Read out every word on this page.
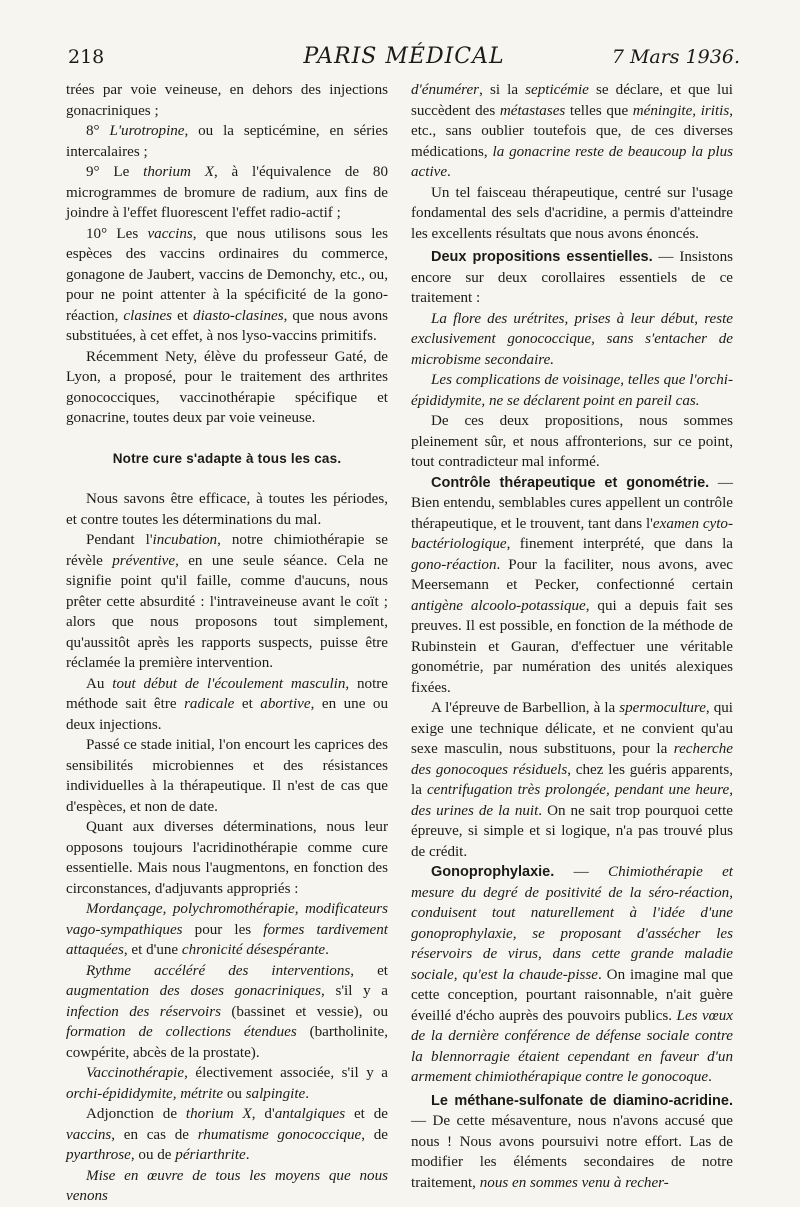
218	PARIS MÉDICAL	7 Mars 1936.

trées par voie veineuse, en dehors des injections gonacriniques ;

8° L'urotropine, ou la septicémine, en séries intercalaires ;

9° Le thorium X, à l'équivalence de 80 microgrammes de bromure de radium, aux fins de joindre à l'effet fluorescent l'effet radio-actif ;

10° Les vaccins, que nous utilisons sous les espèces des vaccins ordinaires du commerce, gonagone de Jaubert, vaccins de Demonchy, etc., ou, pour ne point attenter à la spécificité de la gono-réaction, clasines et diasto-clasines, que nous avons substituées, à cet effet, à nos lyso-vaccins primitifs.

Récemment Nety, élève du professeur Gaté, de Lyon, a proposé, pour le traitement des arthrites gonococciques, vaccinothérapie spécifique et gonacrine, toutes deux par voie veineuse.

Notre cure s'adapte à tous les cas.

Nous savons être efficace, à toutes les périodes, et contre toutes les déterminations du mal.

Pendant l'incubation, notre chimiothérapie se révèle préventive, en une seule séance. Cela ne signifie point qu'il faille, comme d'aucuns, nous prêter cette absurdité : l'intraveineuse avant le coït ; alors que nous proposons tout simplement, qu'aussitôt après les rapports suspects, puisse être réclamée la première intervention.

Au tout début de l'écoulement masculin, notre méthode sait être radicale et abortive, en une ou deux injections.

Passé ce stade initial, l'on encourt les caprices des sensibilités microbiennes et des résistances individuelles à la thérapeutique. Il n'est de cas que d'espèces, et non de date.

Quant aux diverses déterminations, nous leur opposons toujours l'acridinothérapie comme cure essentielle. Mais nous l'augmentons, en fonction des circonstances, d'adjuvants appropriés :

Mordançage, polychromothérapie, modificateurs vago-sympathiques pour les formes tardivement attaquées, et d'une chronicité désespérante.

Rythme accéléré des interventions, et augmentation des doses gonacriniques, s'il y a infection des réservoirs (bassinet et vessie), ou formation de collections étendues (bartholinite, cowpérite, abcès de la prostate).

Vaccinothérapie, électivement associée, s'il y a orchi-épididymite, métrite ou salpingite.

Adjonction de thorium X, d'antalgiques et de vaccins, en cas de rhumatisme gonococcique, de pyarthrose, ou de périarthrite.

Mise en œuvre de tous les moyens que nous venons

d'énumérer, si la septicémie se déclare, et que lui succèdent des métastases telles que méningite, iritis, etc., sans oublier toutefois que, de ces diverses médications, la gonacrine reste de beaucoup la plus active.

Un tel faisceau thérapeutique, centré sur l'usage fondamental des sels d'acridine, a permis d'atteindre les excellents résultats que nous avons énoncés.

Deux propositions essentielles. — Insistons encore sur deux corollaires essentiels de ce traitement :

La flore des urétrites, prises à leur début, reste exclusivement gonococcique, sans s'entacher de microbisme secondaire.

Les complications de voisinage, telles que l'orchi-épididymite, ne se déclarent point en pareil cas.

De ces deux propositions, nous sommes pleinement sûr, et nous affronterions, sur ce point, tout contradicteur mal informé.

Contrôle thérapeutique et gonométrie. — Bien entendu, semblables cures appellent un contrôle thérapeutique, et le trouvent, tant dans l'examen cyto-bactériologique, finement interprété, que dans la gono-réaction. Pour la faciliter, nous avons, avec Meersemann et Pecker, confectionné certain antigène alcoolo-potassique, qui a depuis fait ses preuves. Il est possible, en fonction de la méthode de Rubinstein et Gauran, d'effectuer une véritable gonométrie, par numération des unités alexiques fixées.

A l'épreuve de Barbellion, à la spermoculture, qui exige une technique délicate, et ne convient qu'au sexe masculin, nous substituons, pour la recherche des gonocoques résiduels, chez les guéris apparents, la centrifugation très prolongée, pendant une heure, des urines de la nuit. On ne sait trop pourquoi cette épreuve, si simple et si logique, n'a pas trouvé plus de crédit.

Gonoprophylaxie. — Chimiothérapie et mesure du degré de positivité de la séro-réaction, conduisent tout naturellement à l'idée d'une gonoprophylaxie, se proposant d'assécher les réservoirs de virus, dans cette grande maladie sociale, qu'est la chaude-pisse. On imagine mal que cette conception, pourtant raisonnable, n'ait guère éveillé d'écho auprès des pouvoirs publics. Les vœux de la dernière conférence de défense sociale contre la blennorragie étaient cependant en faveur d'un armement chimiothérapique contre le gonocoque.

Le méthane-sulfonate de diamino-acridine. — De cette mésaventure, nous n'avons accusé que nous ! Nous avons poursuivi notre effort. Las de modifier les éléments secondaires de notre traitement, nous en sommes venu à recher-
